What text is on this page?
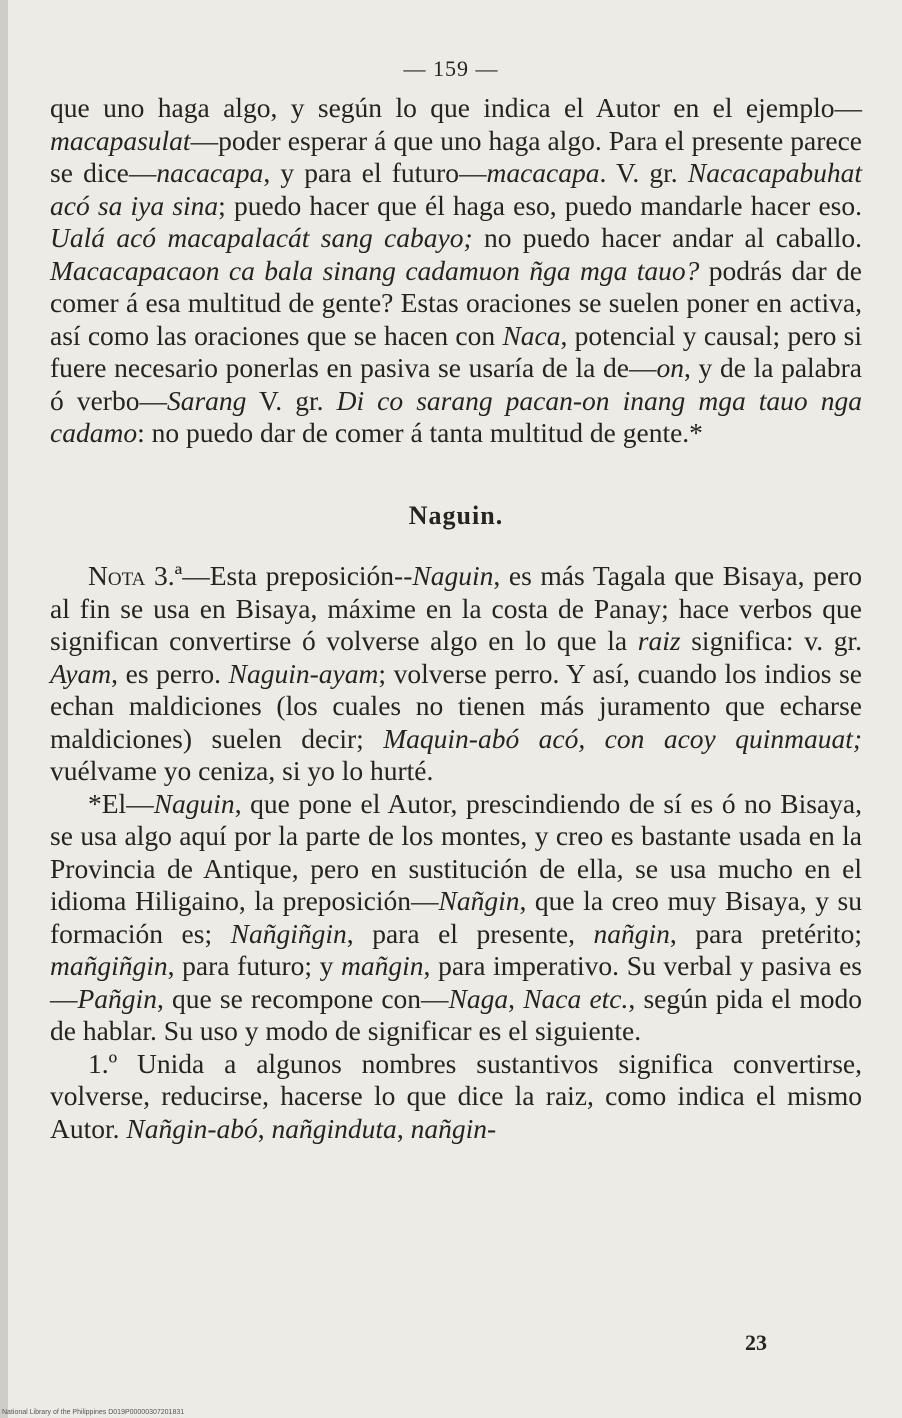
— 159 —

que uno haga algo, y según lo que indica el Autor en el ejemplo—macapasulat—poder esperar á que uno haga algo. Para el presente parece se dice—nacacapa, y para el futuro—macacapa. V. gr. Nacacapabuhat acó sa iya sina; puedo hacer que él haga eso, puedo mandarle hacer eso. Ualá acó macapalacát sang cabayo; no puedo hacer andar al caballo. Macacapacaon ca bala sinang cadamuon ñga mga tauo? podrás dar de comer á esa multitud de gente? Estas oraciones se suelen poner en activa, así como las oraciones que se hacen con Naca, potencial y causal; pero si fuere necesario ponerlas en pasiva se usaría de la de—on, y de la palabra ó verbo—Sarang V. gr. Di co sarang pacan-on inang mga tauo nga cadamo: no puedo dar de comer á tanta multitud de gente.*

Naguin.

Nota 3.ª—Esta preposición--Naguin, es más Tagala que Bisaya, pero al fin se usa en Bisaya, máxime en la costa de Panay; hace verbos que significan convertirse ó volverse algo en lo que la raiz significa: v. gr. Ayam, es perro. Naguin-ayam; volverse perro. Y así, cuando los indios se echan maldiciones (los cuales no tienen más juramento que echarse maldiciones) suelen decir; Maquin-abó acó, con acoy quinmauat; vuélvame yo ceniza, si yo lo hurté.

*El—Naguin, que pone el Autor, prescindiendo de sí es ó no Bisaya, se usa algo aquí por la parte de los montes, y creo es bastante usada en la Provincia de Antique, pero en sustitución de ella, se usa mucho en el idioma Hiligaino, la preposición—Nañgin, que la creo muy Bisaya, y su formación es; Nañgiñgin, para el presente, nañgin, para pretérito; mañgiñgin, para futuro; y mañgin, para imperativo. Su verbal y pasiva es—Pañgin, que se recompone con—Naga, Naca etc., según pida el modo de hablar. Su uso y modo de significar es el siguiente.

1.º Unida a algunos nombres sustantivos significa convertirse, volverse, reducirse, hacerse lo que dice la raiz, como indica el mismo Autor. Nañgin-abó, nañginduta, nañgin-

23
National Library of the Philippines D019P00000307201831
